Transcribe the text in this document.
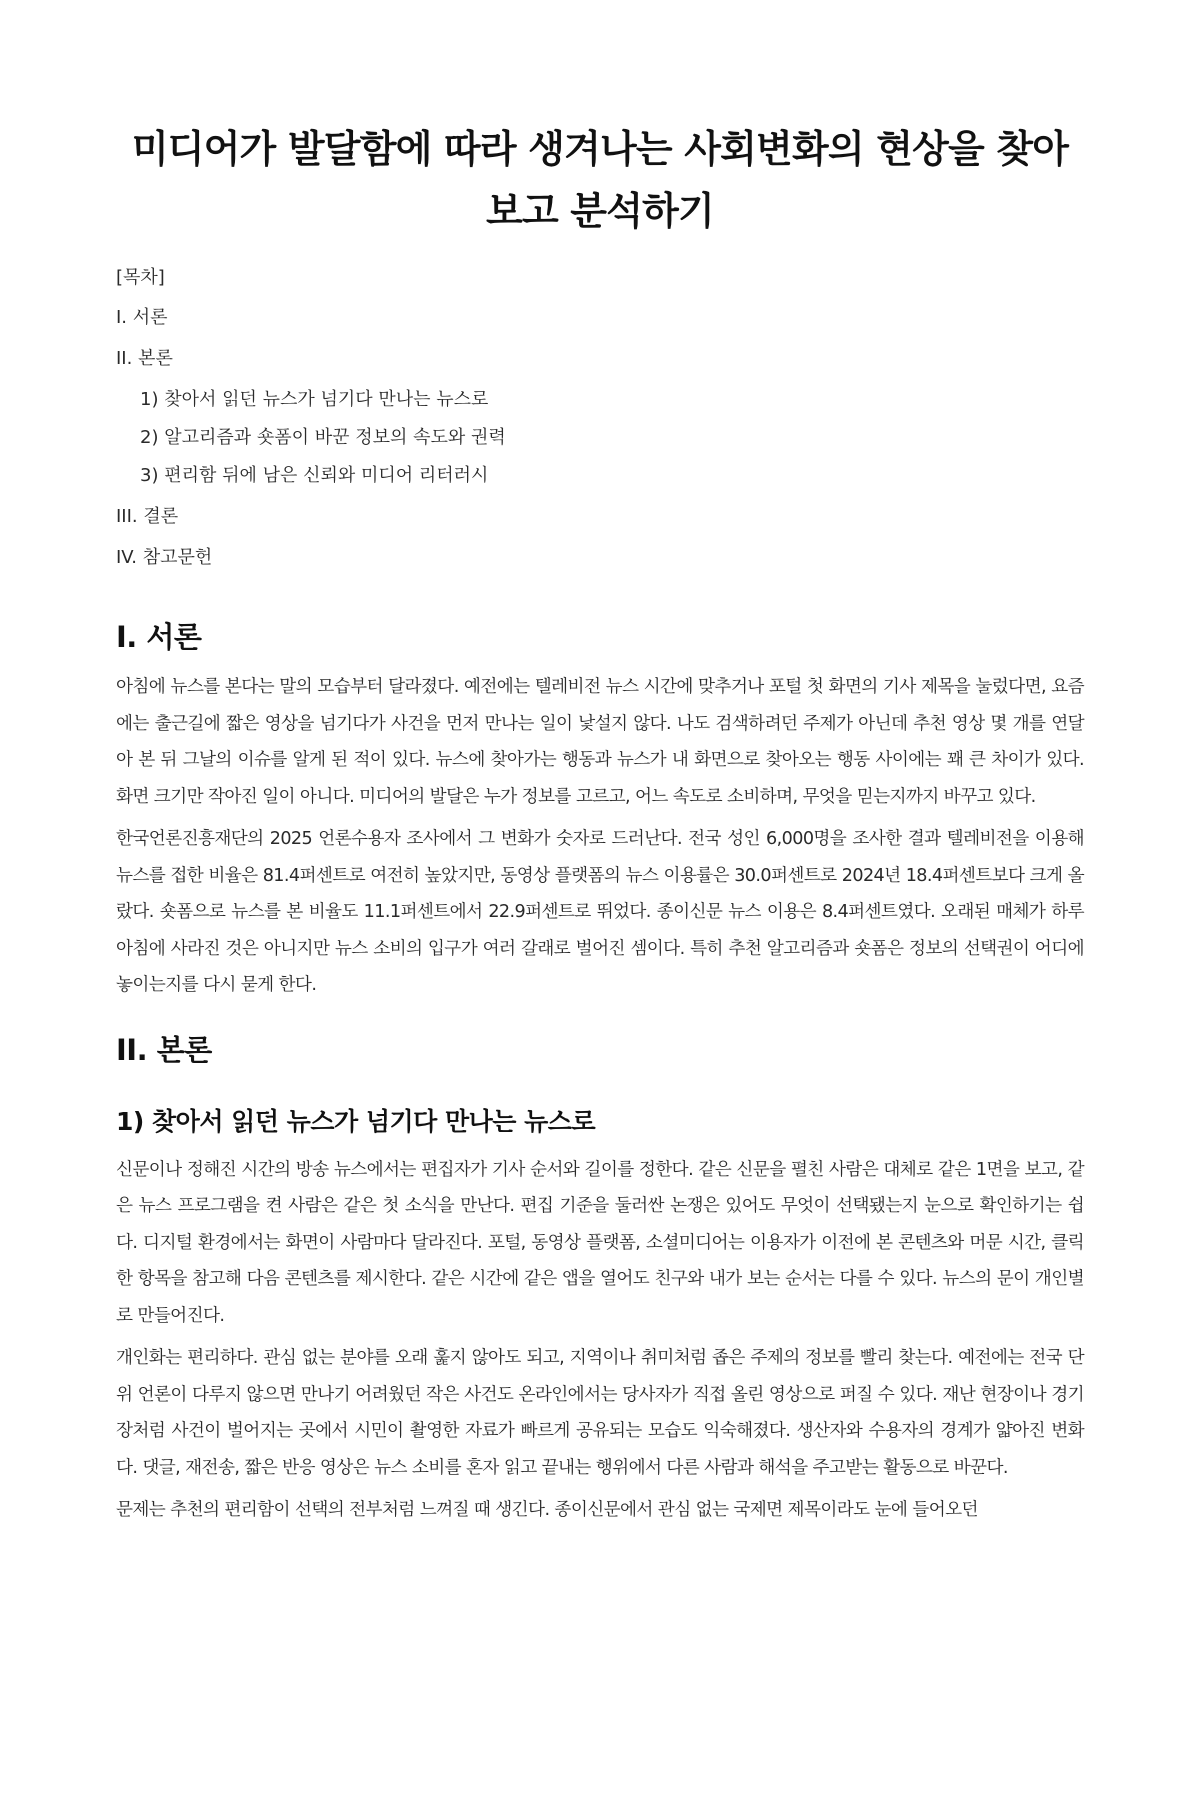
미디어가 발달함에 따라 생겨나는 사회변화의 현상을 찾아보고 분석하기
[목차]
I. 서론
II. 본론
1) 찾아서 읽던 뉴스가 넘기다 만나는 뉴스로
2) 알고리즘과 숏폼이 바꾼 정보의 속도와 권력
3) 편리함 뒤에 남은 신뢰와 미디어 리터러시
III. 결론
IV. 참고문헌
I. 서론

아침에 뉴스를 본다는 말의 모습부터 달라졌다. 예전에는 텔레비전 뉴스 시간에 맞추거나 포털 첫 화면의 기사 제목을 눌렀다면, 요즘에는 출근길에 짧은 영상을 넘기다가 사건을 먼저 만나는 일이 낯설지 않다. 나도 검색하려던 주제가 아닌데 추천 영상 몇 개를 연달아 본 뒤 그날의 이슈를 알게 된 적이 있다. 뉴스에 찾아가는 행동과 뉴스가 내 화면으로 찾아오는 행동 사이에는 꽤 큰 차이가 있다. 화면 크기만 작아진 일이 아니다. 미디어의 발달은 누가 정보를 고르고, 어느 속도로 소비하며, 무엇을 믿는지까지 바꾸고 있다.

한국언론진흥재단의 2025 언론수용자 조사에서 그 변화가 숫자로 드러난다. 전국 성인 6,000명을 조사한 결과 텔레비전을 이용해 뉴스를 접한 비율은 81.4퍼센트로 여전히 높았지만, 동영상 플랫폼의 뉴스 이용률은 30.0퍼센트로 2024년 18.4퍼센트보다 크게 올랐다. 숏폼으로 뉴스를 본 비율도 11.1퍼센트에서 22.9퍼센트로 뛰었다. 종이신문 뉴스 이용은 8.4퍼센트였다. 오래된 매체가 하루아침에 사라진 것은 아니지만 뉴스 소비의 입구가 여러 갈래로 벌어진 셈이다. 특히 추천 알고리즘과 숏폼은 정보의 선택권이 어디에 놓이는지를 다시 묻게 한다.

II. 본론
1) 찾아서 읽던 뉴스가 넘기다 만나는 뉴스로

신문이나 정해진 시간의 방송 뉴스에서는 편집자가 기사 순서와 길이를 정한다. 같은 신문을 펼친 사람은 대체로 같은 1면을 보고, 같은 뉴스 프로그램을 켠 사람은 같은 첫 소식을 만난다. 편집 기준을 둘러싼 논쟁은 있어도 무엇이 선택됐는지 눈으로 확인하기는 쉽다. 디지털 환경에서는 화면이 사람마다 달라진다. 포털, 동영상 플랫폼, 소셜미디어는 이용자가 이전에 본 콘텐츠와 머문 시간, 클릭한 항목을 참고해 다음 콘텐츠를 제시한다. 같은 시간에 같은 앱을 열어도 친구와 내가 보는 순서는 다를 수 있다. 뉴스의 문이 개인별로 만들어진다.

개인화는 편리하다. 관심 없는 분야를 오래 훑지 않아도 되고, 지역이나 취미처럼 좁은 주제의 정보를 빨리 찾는다. 예전에는 전국 단위 언론이 다루지 않으면 만나기 어려웠던 작은 사건도 온라인에서는 당사자가 직접 올린 영상으로 퍼질 수 있다. 재난 현장이나 경기장처럼 사건이 벌어지는 곳에서 시민이 촬영한 자료가 빠르게 공유되는 모습도 익숙해졌다. 생산자와 수용자의 경계가 얇아진 변화다. 댓글, 재전송, 짧은 반응 영상은 뉴스 소비를 혼자 읽고 끝내는 행위에서 다른 사람과 해석을 주고받는 활동으로 바꾼다.

문제는 추천의 편리함이 선택의 전부처럼 느껴질 때 생긴다. 종이신문에서 관심 없는 국제면 제목이라도 눈에 들어오던
